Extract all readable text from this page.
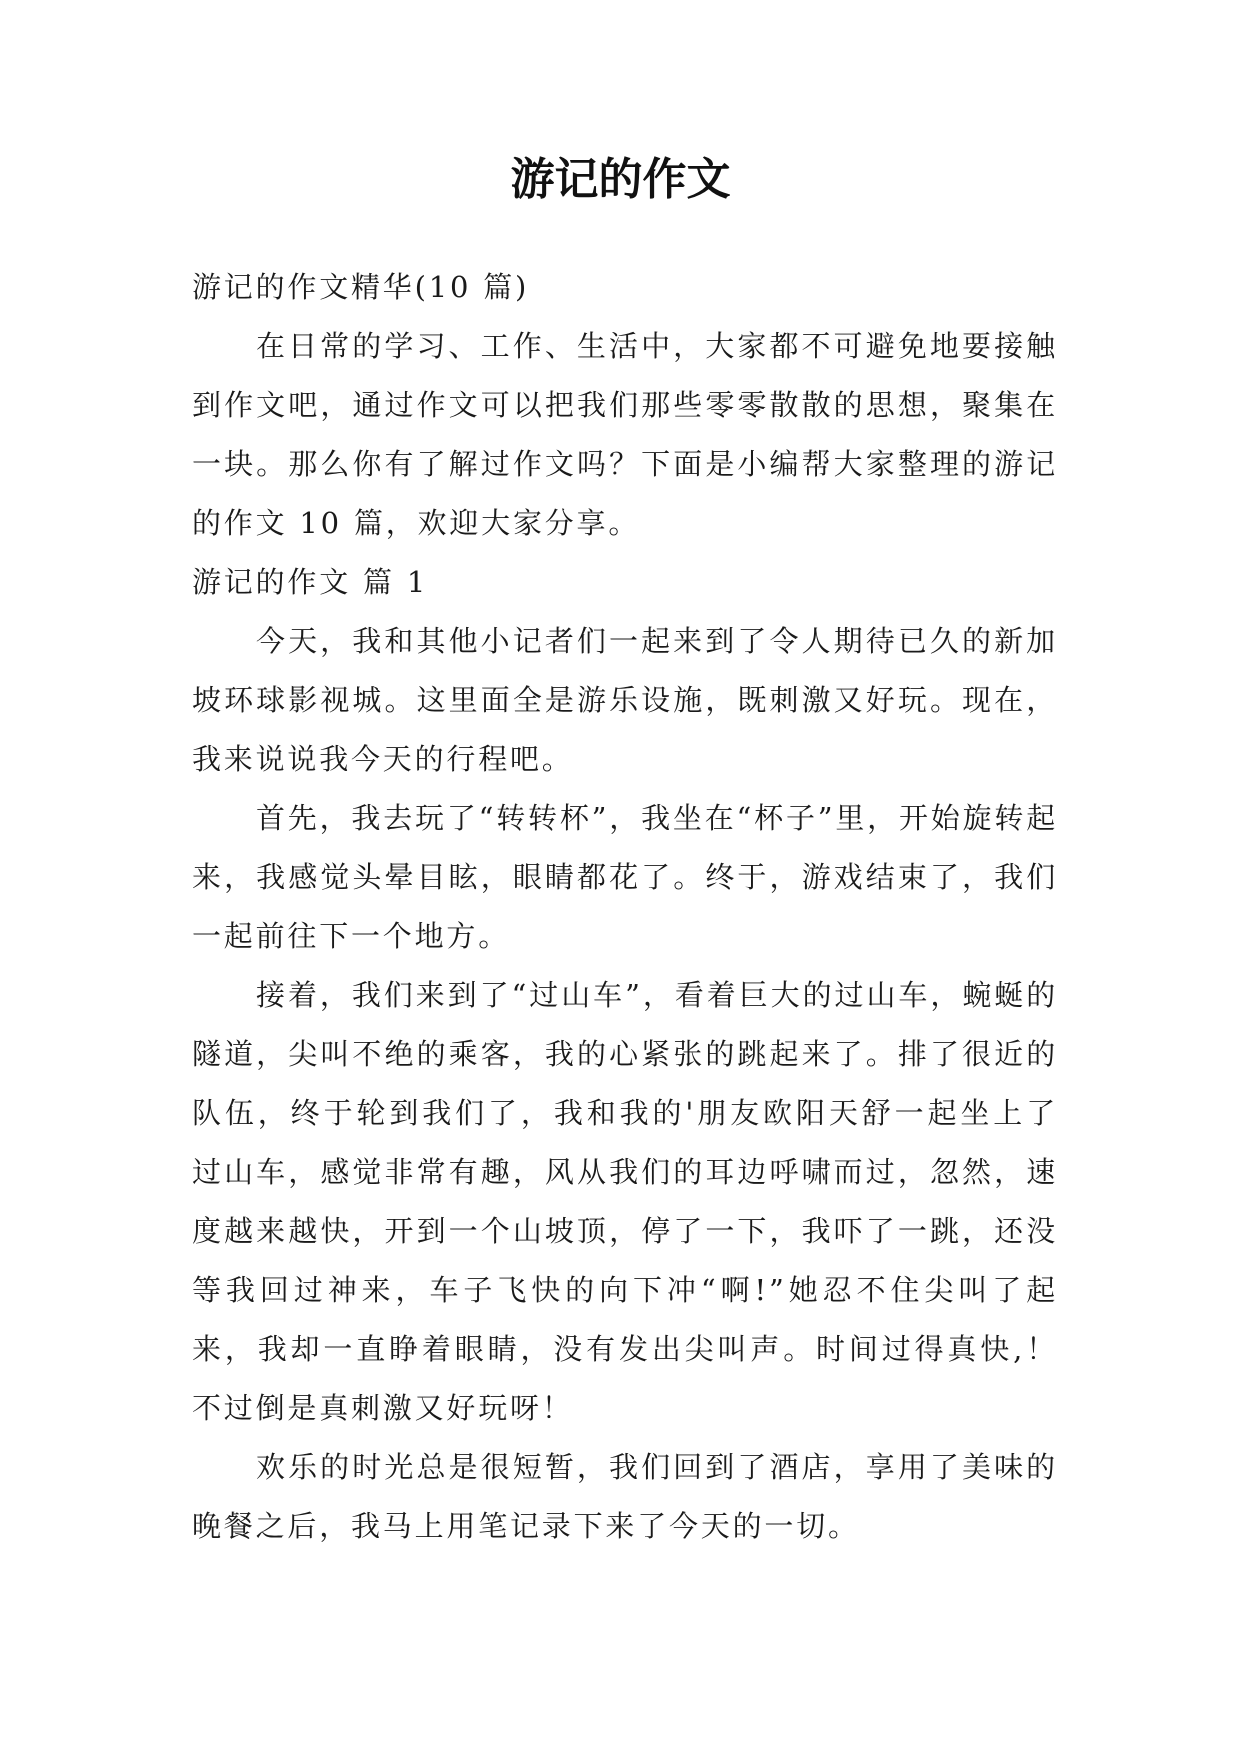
游记的作文

游记的作文精华(10 篇)

在日常的学习、工作、生活中，大家都不可避免地要接触到作文吧，通过作文可以把我们那些零零散散的思想，聚集在一块。那么你有了解过作文吗？下面是小编帮大家整理的游记的作文 10 篇，欢迎大家分享。

游记的作文 篇 1

今天，我和其他小记者们一起来到了令人期待已久的新加坡环球影视城。这里面全是游乐设施，既刺激又好玩。现在，我来说说我今天的行程吧。

首先，我去玩了“转转杯”，我坐在“杯子”里，开始旋转起来，我感觉头晕目眩，眼睛都花了。终于，游戏结束了，我们一起前往下一个地方。

接着，我们来到了“过山车”，看着巨大的过山车，蜿蜒的隧道，尖叫不绝的乘客，我的心紧张的跳起来了。排了很近的队伍，终于轮到我们了，我和我的'朋友欧阳天舒一起坐上了过山车，感觉非常有趣，风从我们的耳边呼啸而过，忽然，速度越来越快，开到一个山坡顶，停了一下，我吓了一跳，还没等我回过神来，车子飞快的向下冲“啊!”她忍不住尖叫了起来，我却一直睁着眼睛，没有发出尖叫声。时间过得真快,！不过倒是真刺激又好玩呀！

欢乐的时光总是很短暂，我们回到了酒店，享用了美味的晚餐之后，我马上用笔记录下来了今天的一切。
